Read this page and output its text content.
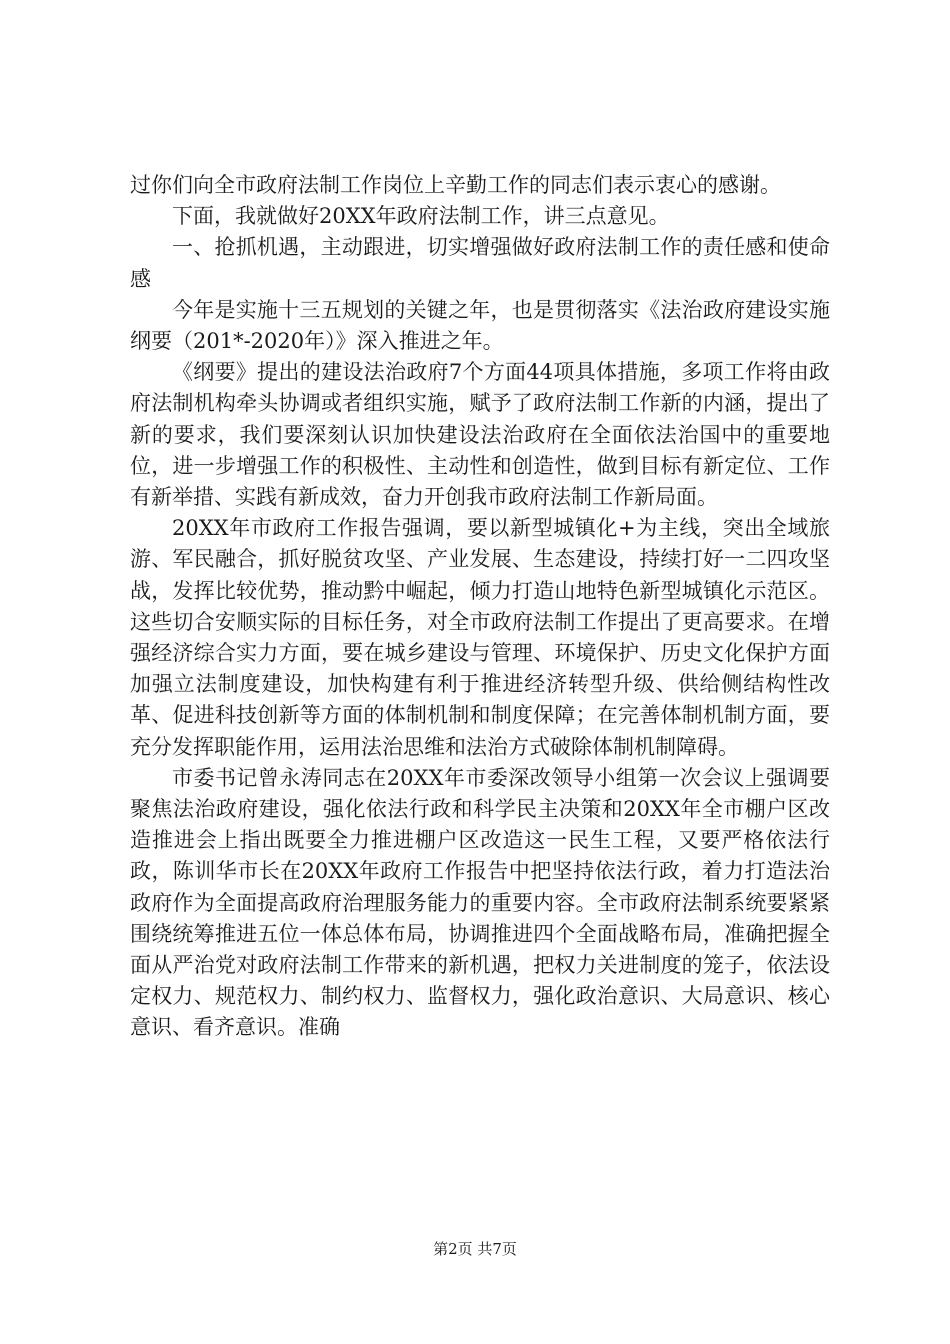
过你们向全市政府法制工作岗位上辛勤工作的同志们表示衷心的感谢。

下面，我就做好20XX年政府法制工作，讲三点意见。

一、抢抓机遇，主动跟进，切实增强做好政府法制工作的责任感和使命感

今年是实施十三五规划的关键之年，也是贯彻落实《法治政府建设实施纲要（201*-2020年）》深入推进之年。

《纲要》提出的建设法治政府7个方面44项具体措施，多项工作将由政府法制机构牵头协调或者组织实施，赋予了政府法制工作新的内涵，提出了新的要求，我们要深刻认识加快建设法治政府在全面依法治国中的重要地位，进一步增强工作的积极性、主动性和创造性，做到目标有新定位、工作有新举措、实践有新成效，奋力开创我市政府法制工作新局面。

20XX年市政府工作报告强调，要以新型城镇化+为主线，突出全域旅游、军民融合，抓好脱贫攻坚、产业发展、生态建设，持续打好一二四攻坚战，发挥比较优势，推动黔中崛起，倾力打造山地特色新型城镇化示范区。这些切合安顺实际的目标任务，对全市政府法制工作提出了更高要求。在增强经济综合实力方面，要在城乡建设与管理、环境保护、历史文化保护方面加强立法制度建设，加快构建有利于推进经济转型升级、供给侧结构性改革、促进科技创新等方面的体制机制和制度保障；在完善体制机制方面，要充分发挥职能作用，运用法治思维和法治方式破除体制机制障碍。

市委书记曾永涛同志在20XX年市委深改领导小组第一次会议上强调要聚焦法治政府建设，强化依法行政和科学民主决策和20XX年全市棚户区改造推进会上指出既要全力推进棚户区改造这一民生工程，又要严格依法行政，陈训华市长在20XX年政府工作报告中把坚持依法行政，着力打造法治政府作为全面提高政府治理服务能力的重要内容。全市政府法制系统要紧紧围绕统筹推进五位一体总体布局，协调推进四个全面战略布局，准确把握全面从严治党对政府法制工作带来的新机遇，把权力关进制度的笼子，依法设定权力、规范权力、制约权力、监督权力，强化政治意识、大局意识、核心意识、看齐意识。准确

第2页 共7页
